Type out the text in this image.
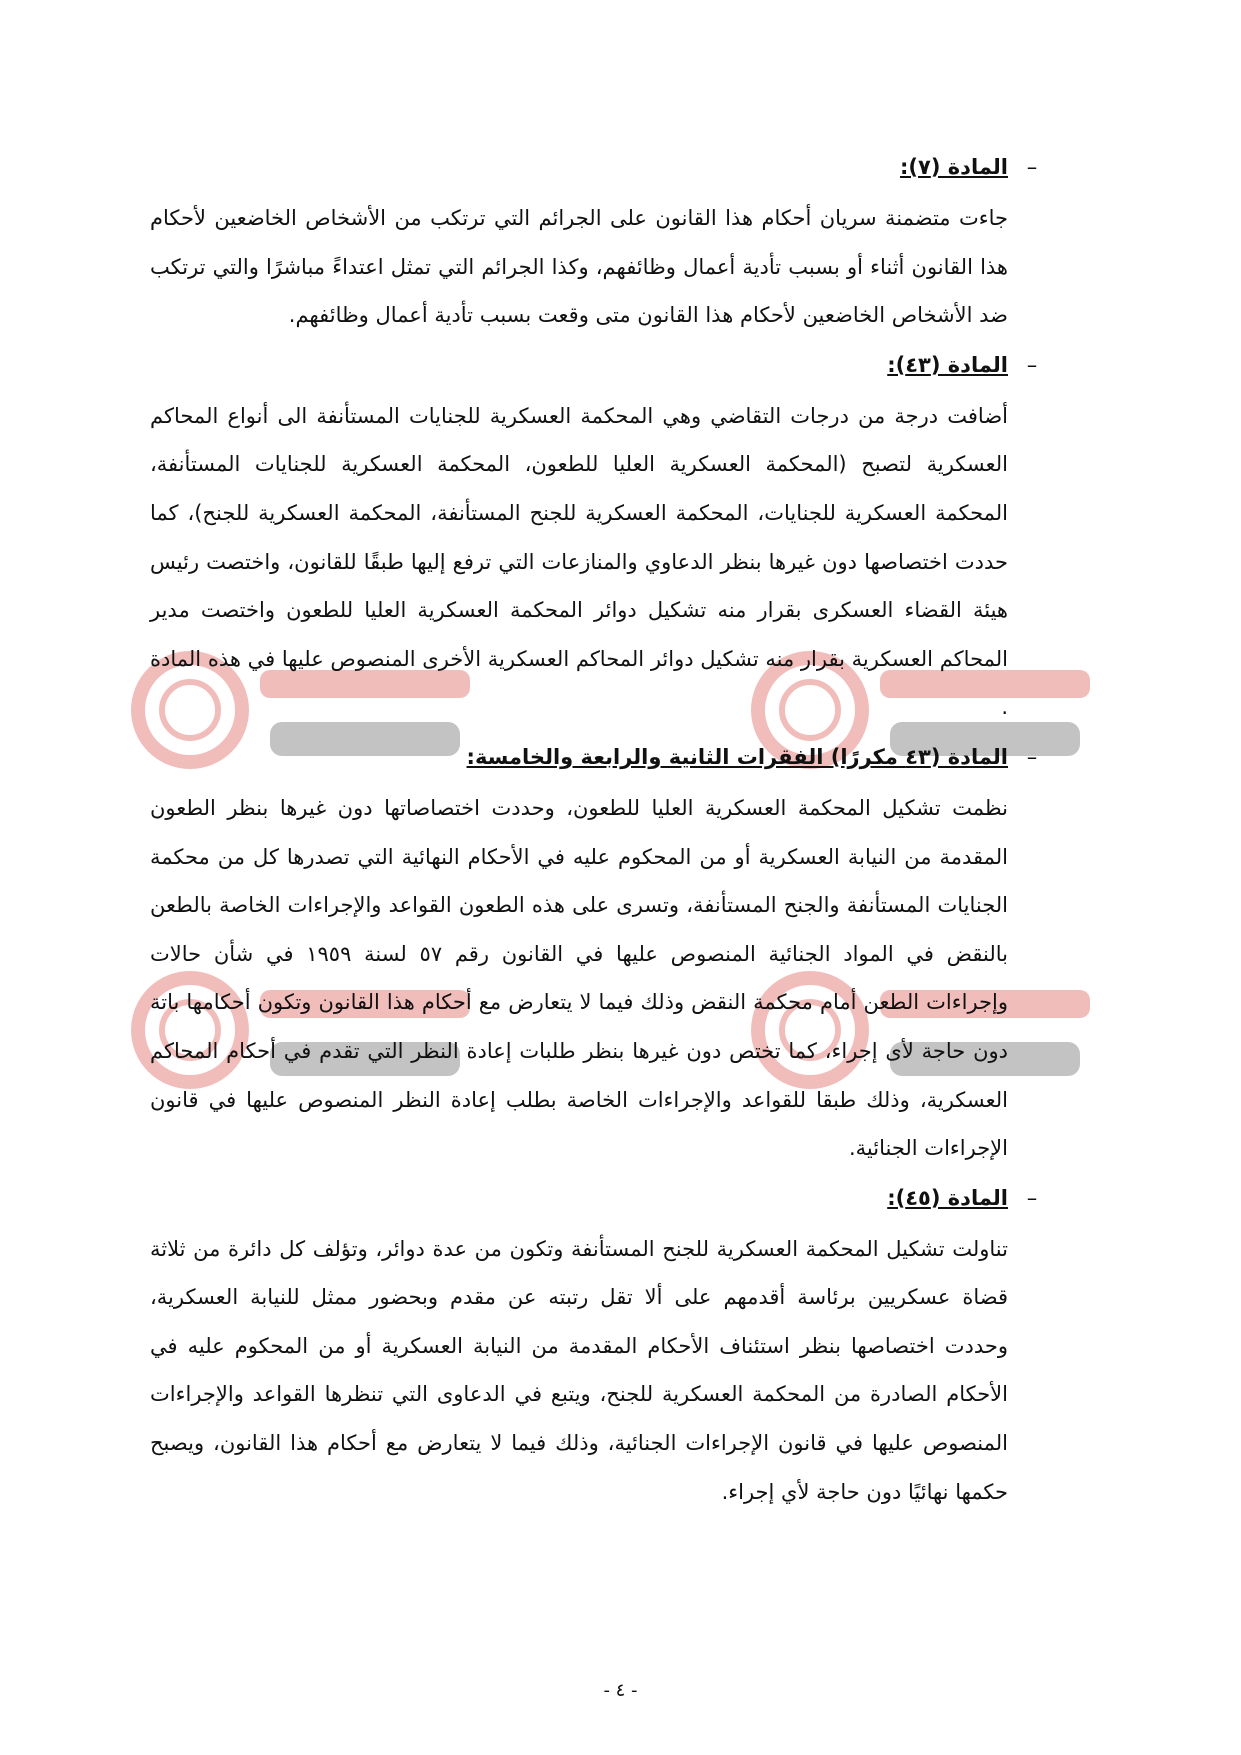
–
المادة (٧):

جاءت متضمنة سريان أحكام هذا القانون على الجرائم التي ترتكب من الأشخاص الخاضعين لأحكام هذا القانون أثناء أو بسبب تأدية أعمال وظائفهم، وكذا الجرائم التي تمثل اعتداءً مباشرًا والتي ترتكب ضد الأشخاص الخاضعين لأحكام هذا القانون متى وقعت بسبب تأدية أعمال وظائفهم.

–
المادة (٤٣):

أضافت درجة من درجات التقاضي وهي المحكمة العسكرية للجنايات المستأنفة الى أنواع المحاكم العسكرية لتصبح (المحكمة العسكرية العليا للطعون، المحكمة العسكرية للجنايات المستأنفة، المحكمة العسكرية للجنايات، المحكمة العسكرية للجنح المستأنفة، المحكمة العسكرية للجنح)، كما حددت اختصاصها دون غيرها بنظر الدعاوي والمنازعات التي ترفع إليها طبقًا للقانون، واختصت رئيس هيئة القضاء العسكرى بقرار منه تشكيل دوائر المحكمة العسكرية العليا للطعون واختصت مدير المحاكم العسكرية بقرار منه تشكيل دوائر المحاكم العسكرية الأخرى المنصوص عليها في هذه المادة .

–
المادة (٤٣ مكررًا) الفقرات الثانية والرابعة والخامسة:

نظمت تشكيل المحكمة العسكرية العليا للطعون، وحددت اختصاصاتها دون غيرها بنظر الطعون المقدمة من النيابة العسكرية أو من المحكوم عليه في الأحكام النهائية التي تصدرها كل من محكمة الجنايات المستأنفة والجنح المستأنفة، وتسرى على هذه الطعون القواعد والإجراءات الخاصة بالطعن بالنقض في المواد الجنائية المنصوص عليها في القانون رقم ٥٧ لسنة ١٩٥٩ في شأن حالات وإجراءات الطعن أمام محكمة النقض وذلك فيما لا يتعارض مع أحكام هذا القانون وتكون أحكامها باتة دون حاجة لأى إجراء، كما تختص دون غيرها بنظر طلبات إعادة النظر التي تقدم في أحكام المحاكم العسكرية، وذلك طبقا للقواعد والإجراءات الخاصة بطلب إعادة النظر المنصوص عليها في قانون الإجراءات الجنائية.

–
المادة (٤٥):

تناولت تشكيل المحكمة العسكرية للجنح المستأنفة وتكون من عدة دوائر، وتؤلف كل دائرة من ثلاثة قضاة عسكريين برئاسة أقدمهم على ألا تقل رتبته عن مقدم وبحضور ممثل للنيابة العسكرية، وحددت اختصاصها بنظر استئناف الأحكام المقدمة من النيابة العسكرية أو من المحكوم عليه في الأحكام الصادرة من المحكمة العسكرية للجنح، ويتبع في الدعاوى التي تنظرها القواعد والإجراءات المنصوص عليها في قانون الإجراءات الجنائية، وذلك فيما لا يتعارض مع أحكام هذا القانون، ويصبح حكمها نهائيًا دون حاجة لأي إجراء.

- ٤ -
